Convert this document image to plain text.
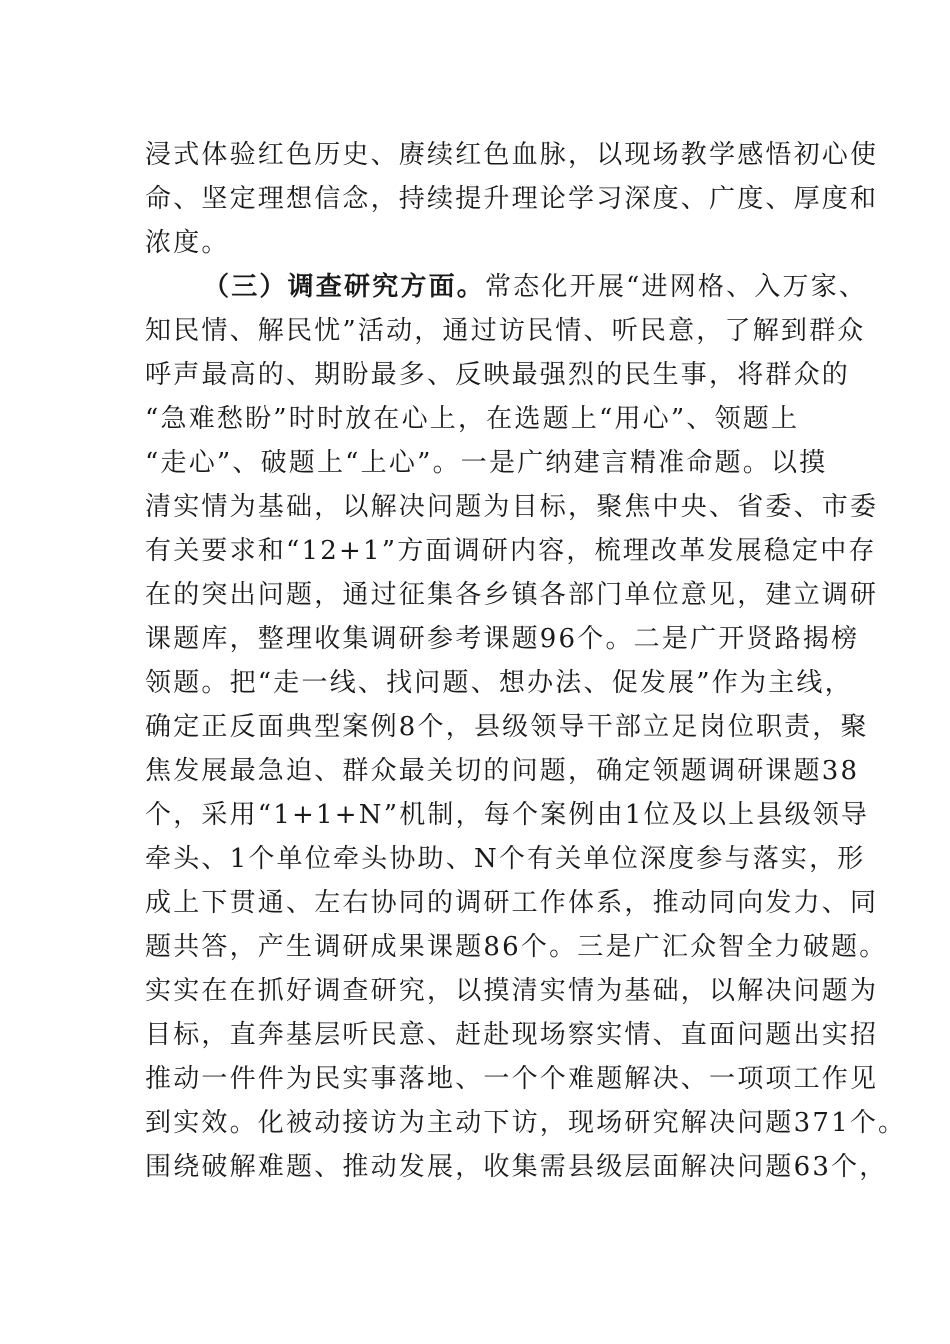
浸式体验红色历史、赓续红色血脉，以现场教学感悟初心使
命、坚定理想信念，持续提升理论学习深度、广度、厚度和
浓度。
（三）调查研究方面。常态化开展“进网格、入万家、
知民情、解民忧”活动，通过访民情、听民意，了解到群众
呼声最高的、期盼最多、反映最强烈的民生事，将群众的
“急难愁盼”时时放在心上，在选题上“用心”、领题上
“走心”、破题上“上心”。一是广纳建言精准命题。以摸
清实情为基础，以解决问题为目标，聚焦中央、省委、市委
有关要求和“12+1”方面调研内容，梳理改革发展稳定中存
在的突出问题，通过征集各乡镇各部门单位意见，建立调研
课题库，整理收集调研参考课题96个。二是广开贤路揭榜
领题。把“走一线、找问题、想办法、促发展”作为主线，
确定正反面典型案例8个，县级领导干部立足岗位职责，聚
焦发展最急迫、群众最关切的问题，确定领题调研课题38
个，采用“1+1+N”机制，每个案例由1位及以上县级领导
牵头、1个单位牵头协助、N个有关单位深度参与落实，形
成上下贯通、左右协同的调研工作体系，推动同向发力、同
题共答，产生调研成果课题86个。三是广汇众智全力破题。
实实在在抓好调查研究，以摸清实情为基础，以解决问题为
目标，直奔基层听民意、赶赴现场察实情、直面问题出实招
推动一件件为民实事落地、一个个难题解决、一项项工作见
到实效。化被动接访为主动下访，现场研究解决问题371个。
围绕破解难题、推动发展，收集需县级层面解决问题63个，
